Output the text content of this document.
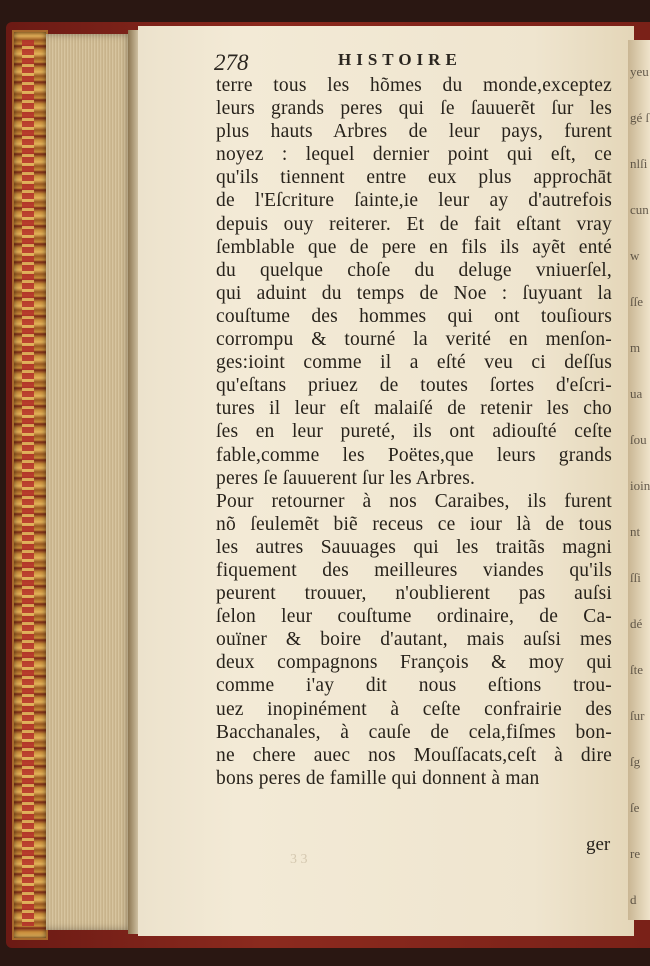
yeu
gé ſ
nlſi
cun
w
ſſe
m
ua
ſou
ioin
nt
ſſi
dé
ſte
ſur
ſg
ſe
re
d
278	HISTOIRE
terre tous les hõmes du monde,exceptez
leurs grands peres qui ſe ſauuerẽt ſur les
plus hauts Arbres de leur pays, furent
noyez : lequel dernier point qui eſt, ce
qu'ils tiennent entre eux plus approchāt
de l'Eſcriture ſainte,ie leur ay d'autrefois
depuis ouy reiterer. Et de fait eſtant vray
ſemblable que de pere en fils ils ayẽt enté
du quelque choſe du deluge vniuerſel,
qui aduint du temps de Noe : ſuyuant la
couſtume des hommes qui ont touſiours
corrompu & tourné la verité en menſon-
ges:ioint comme il a eſté veu ci deſſus
qu'eſtans priuez de toutes ſortes d'eſcri-
tures il leur eſt malaiſé de retenir les cho
ſes en leur pureté, ils ont adiouſté ceſte
fable,comme les Poëtes,que leurs grands
peres ſe ſauuerent ſur les Arbres.
Pour retourner à nos Caraibes, ils furent
nõ ſeulemẽt biẽ receus ce iour là de tous
les autres Sauuages qui les traitãs magni
fiquement des meilleures viandes qu'ils
peurent trouuer, n'oublierent pas auſsi
ſelon leur couſtume ordinaire, de Ca-
ouïner & boire d'autant, mais auſsi mes
deux compagnons François & moy qui
comme i'ay dit nous eſtions trou-
uez inopinément à ceſte confrairie des
Bacchanales, à cauſe de cela,fiſmes bon-
ne chere auec nos Mouſſacats,ceſt à dire
bons peres de famille qui donnent à man
ger
3 3
